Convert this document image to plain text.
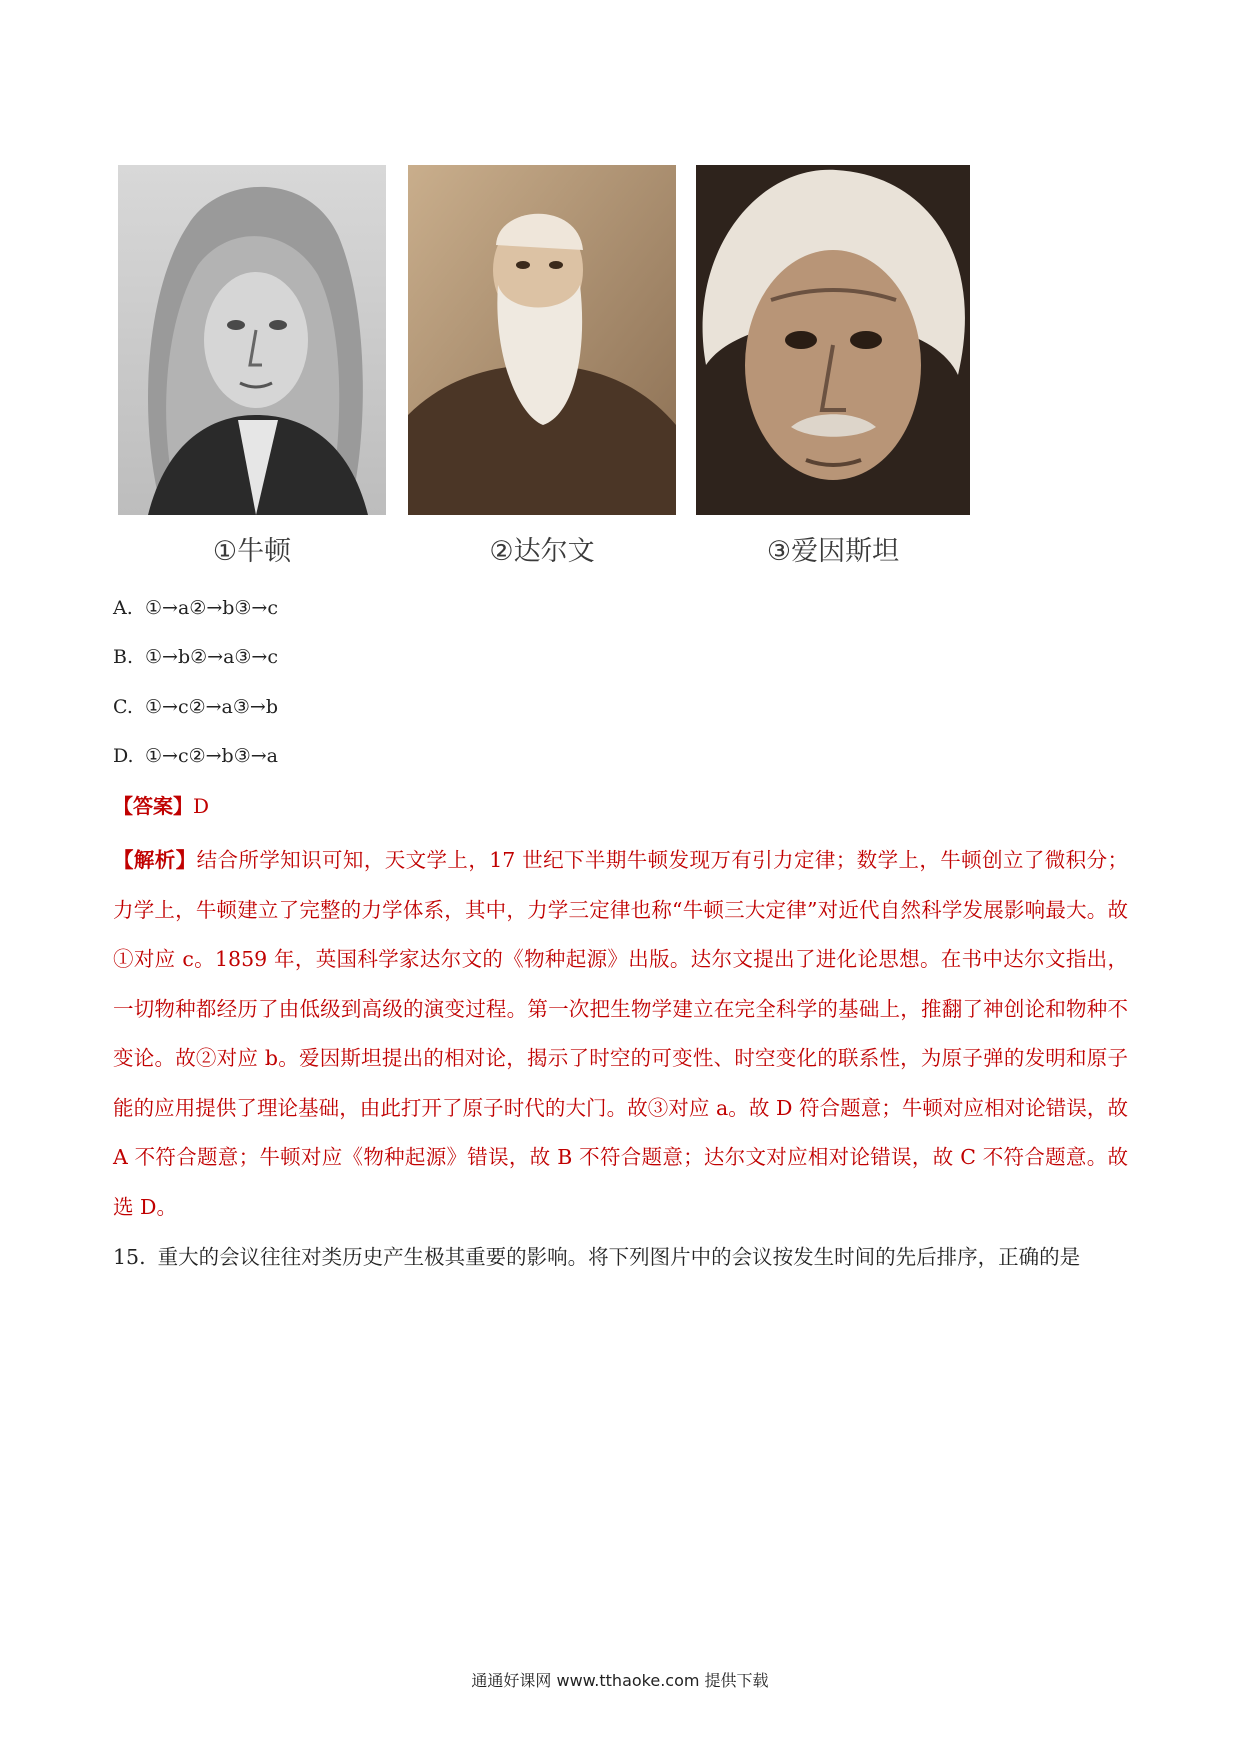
①牛顿	②达尔文	③爱因斯坦
A. ①→a②→b③→c
B. ①→b②→a③→c
C. ①→c②→a③→b
D. ①→c②→b③→a
【答案】D
【解析】结合所学知识可知，天文学上，17 世纪下半期牛顿发现万有引力定律；数学上，牛顿创立了微积分；力学上，牛顿建立了完整的力学体系，其中，力学三定律也称“牛顿三大定律”对近代自然科学发展影响最大。故①对应 c。1859 年，英国科学家达尔文的《物种起源》出版。达尔文提出了进化论思想。在书中达尔文指出，一切物种都经历了由低级到高级的演变过程。第一次把生物学建立在完全科学的基础上，推翻了神创论和物种不变论。故②对应 b。爱因斯坦提出的相对论，揭示了时空的可变性、时空变化的联系性，为原子弹的发明和原子能的应用提供了理论基础，由此打开了原子时代的大门。故③对应 a。故 D 符合题意；牛顿对应相对论错误，故 A 不符合题意；牛顿对应《物种起源》错误，故 B 不符合题意；达尔文对应相对论错误，故 C 不符合题意。故选 D。
15. 重大的会议往往对类历史产生极其重要的影响。将下列图片中的会议按发生时间的先后排序，正确的是
通通好课网 www.tthaoke.com 提供下载
